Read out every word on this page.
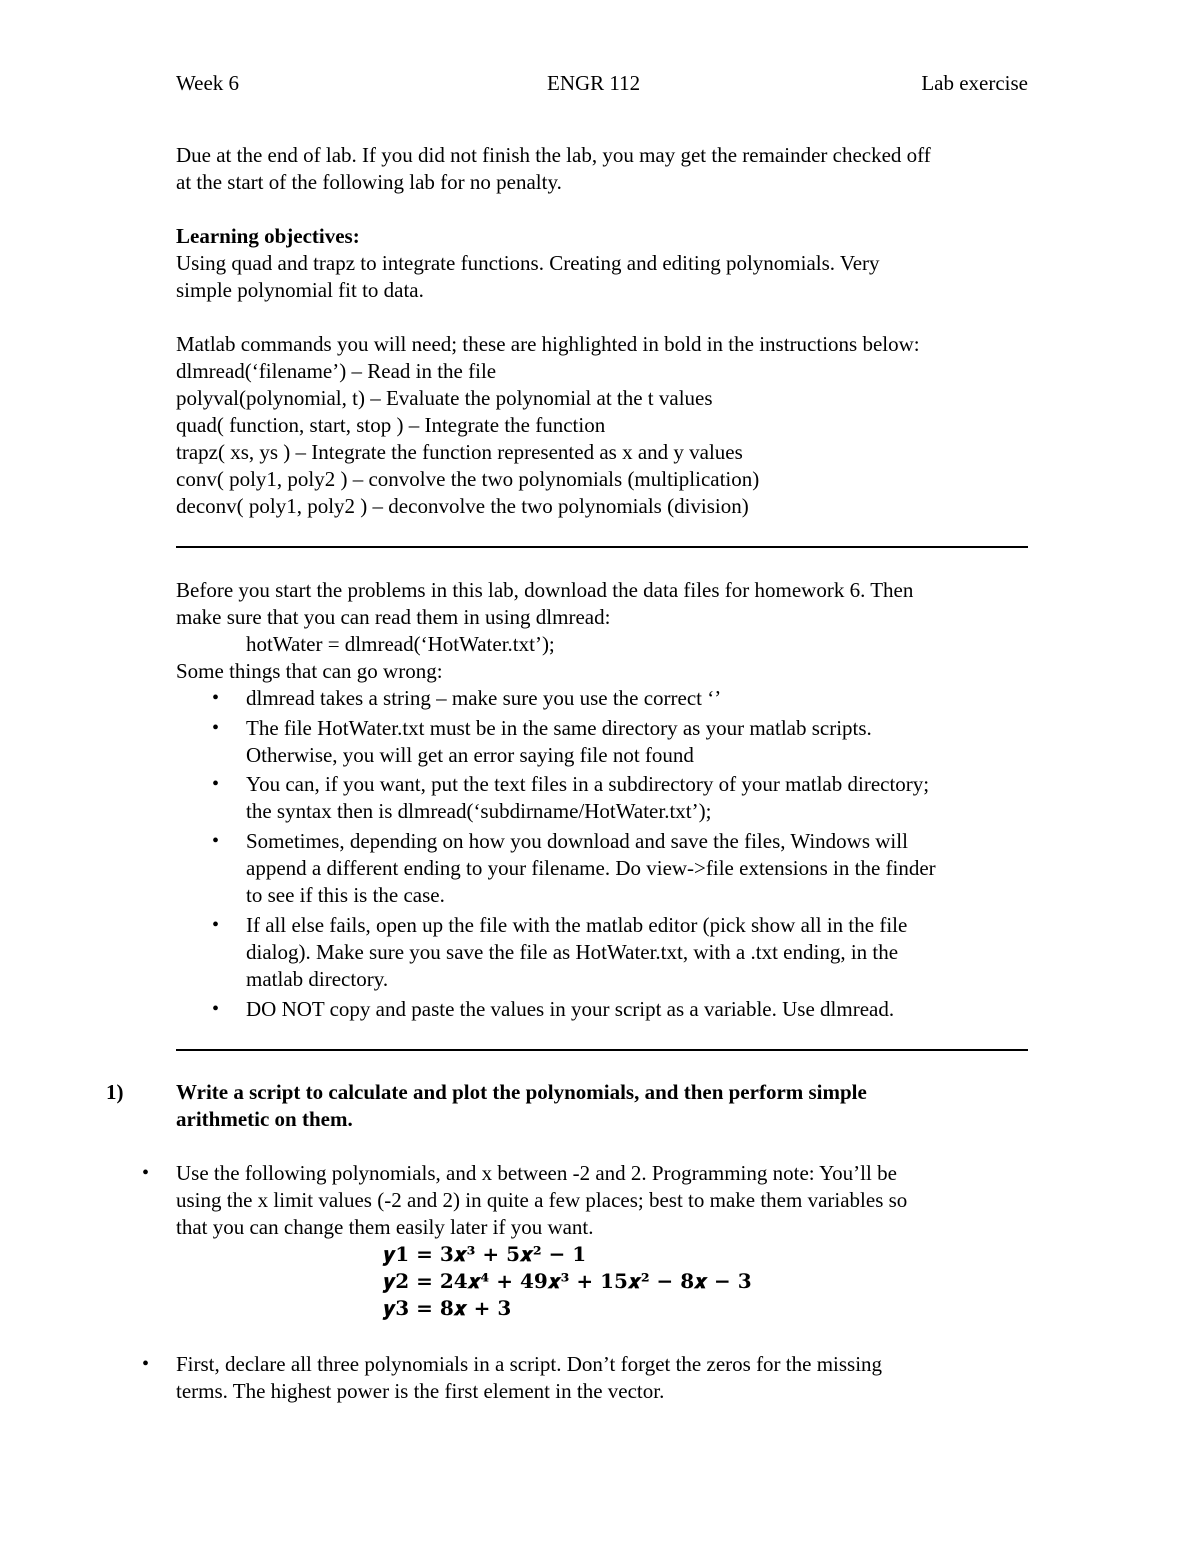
Week 6	ENGR 112	Lab exercise

Due at the end of lab. If you did not finish the lab, you may get the remainder checked off

at the start of the following lab for no penalty.

Learning objectives:

Using quad and trapz to integrate functions. Creating and editing polynomials. Very

simple polynomial fit to data.

Matlab commands you will need; these are highlighted in bold in the instructions below:

dlmread(‘filename’) – Read in the file

polyval(polynomial, t) – Evaluate the polynomial at the t values

quad( function, start, stop ) – Integrate the function

trapz( xs, ys ) – Integrate the function represented as x and y values

conv( poly1, poly2 ) – convolve the two polynomials (multiplication)

deconv( poly1, poly2 ) – deconvolve the two polynomials (division)

Before you start the problems in this lab, download the data files for homework 6. Then

make sure that you can read them in using dlmread:

hotWater = dlmread(‘HotWater.txt’);

Some things that can go wrong:

• dlmread takes a string – make sure you use the correct ‘’
• The file HotWater.txt must be in the same directory as your matlab scripts.
Otherwise, you will get an error saying file not found
• You can, if you want, put the text files in a subdirectory of your matlab directory;
the syntax then is dlmread(‘subdirname/HotWater.txt’);
• Sometimes, depending on how you download and save the files, Windows will
append a different ending to your filename. Do view->file extensions in the finder
to see if this is the case.
• If all else fails, open up the file with the matlab editor (pick show all in the file
dialog). Make sure you save the file as HotWater.txt, with a .txt ending, in the
matlab directory.
• DO NOT copy and paste the values in your script as a variable. Use dlmread.
1)	Write a script to calculate and plot the polynomials, and then perform simple
arithmetic on them.
• Use the following polynomials, and x between -2 and 2. Programming note: You’ll be
using the x limit values (-2 and 2) in quite a few places; best to make them variables so
that you can change them easily later if you want.
𝒚𝟏 = 𝟑𝒙³ + 𝟓𝒙² − 𝟏
𝒚𝟐 = 𝟐𝟒𝒙⁴ + 𝟒𝟗𝒙³ + 𝟏𝟓𝒙² − 𝟖𝒙 − 𝟑
𝒚𝟑 = 𝟖𝒙 + 𝟑
• First, declare all three polynomials in a script. Don’t forget the zeros for the missing
terms. The highest power is the first element in the vector.
